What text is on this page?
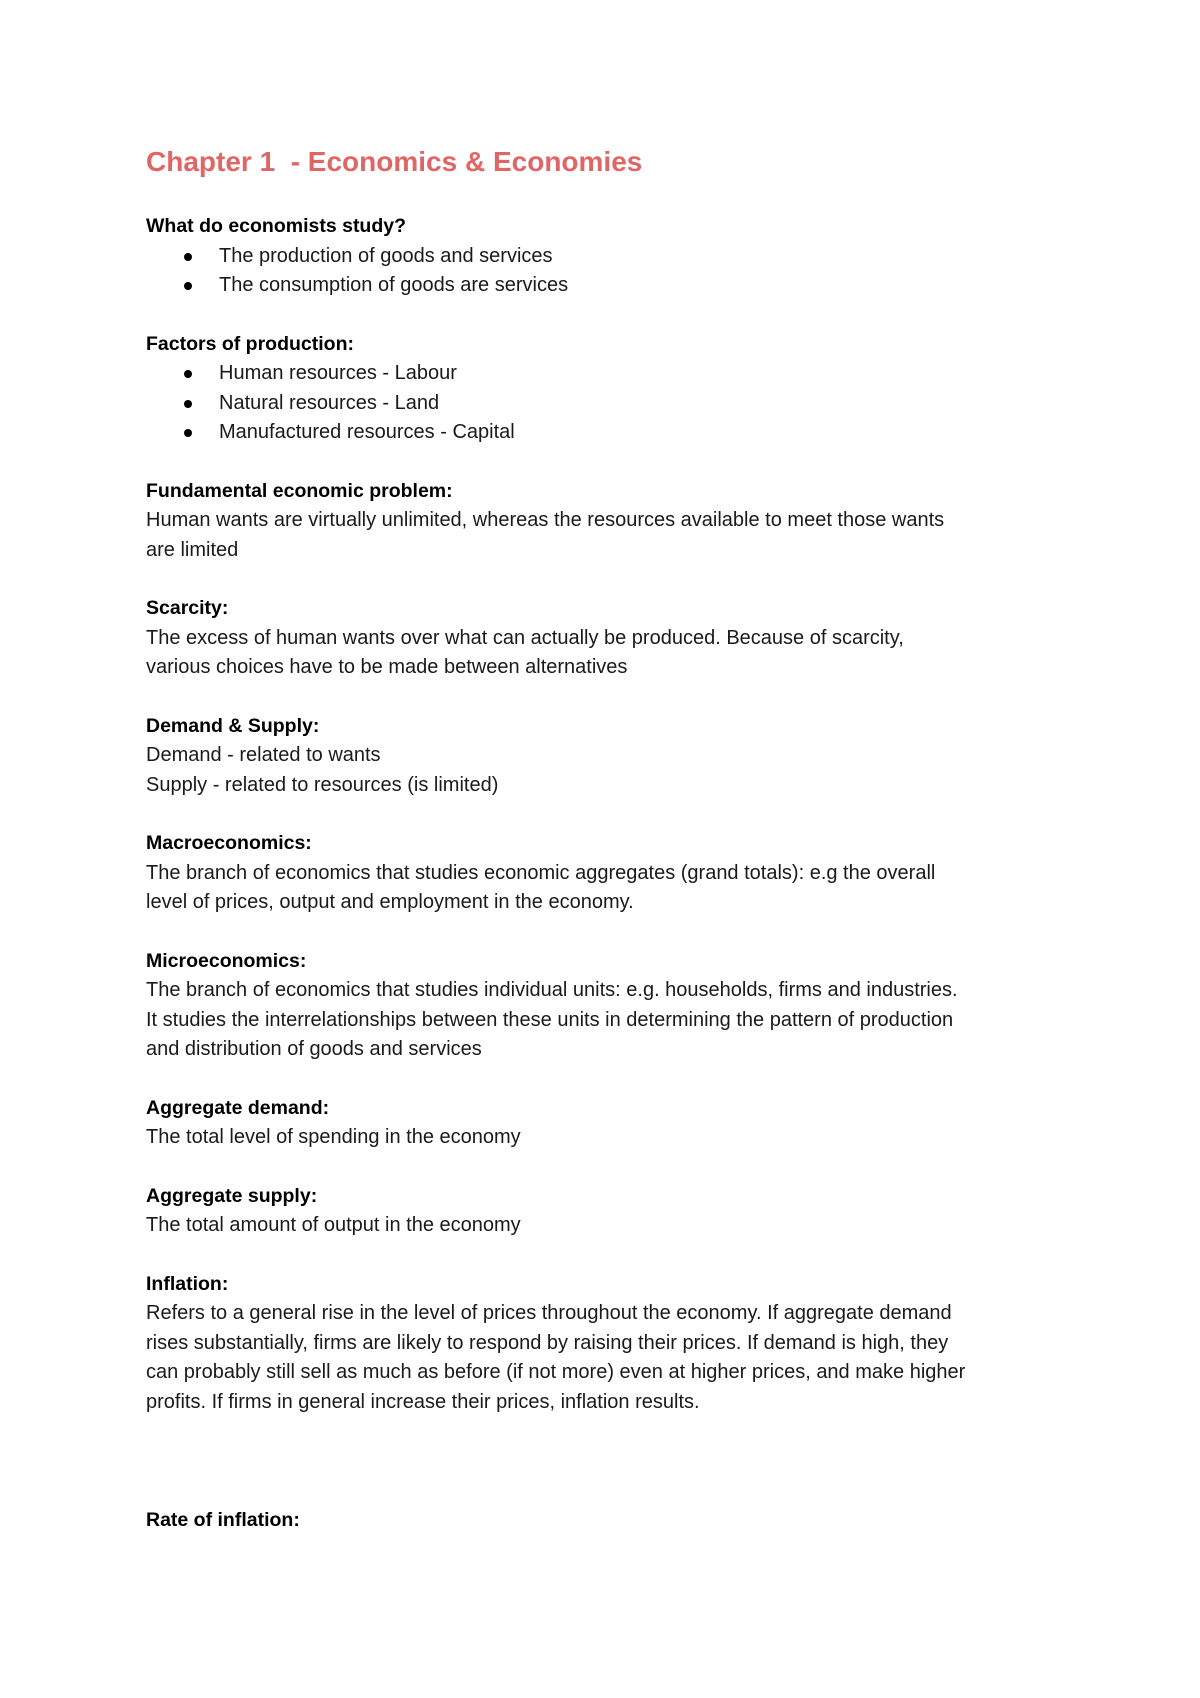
Chapter 1  - Economics & Economies

What do economists study?

The production of goods and services
The consumption of goods are services

Factors of production:

Human resources - Labour
Natural resources - Land
Manufactured resources - Capital

Fundamental economic problem:

Human wants are virtually unlimited, whereas the resources available to meet those wants

are limited

Scarcity:

The excess of human wants over what can actually be produced. Because of scarcity,

various choices have to be made between alternatives

Demand & Supply:

Demand - related to wants

Supply - related to resources (is limited)

Macroeconomics:

The branch of economics that studies economic aggregates (grand totals): e.g the overall

level of prices, output and employment in the economy.

Microeconomics:

The branch of economics that studies individual units: e.g. households, firms and industries.

It studies the interrelationships between these units in determining the pattern of production

and distribution of goods and services

Aggregate demand:

The total level of spending in the economy

Aggregate supply:

The total amount of output in the economy

Inflation:

Refers to a general rise in the level of prices throughout the economy. If aggregate demand

rises substantially, firms are likely to respond by raising their prices. If demand is high, they

can probably still sell as much as before (if not more) even at higher prices, and make higher

profits. If firms in general increase their prices, inflation results.

Rate of inflation:
